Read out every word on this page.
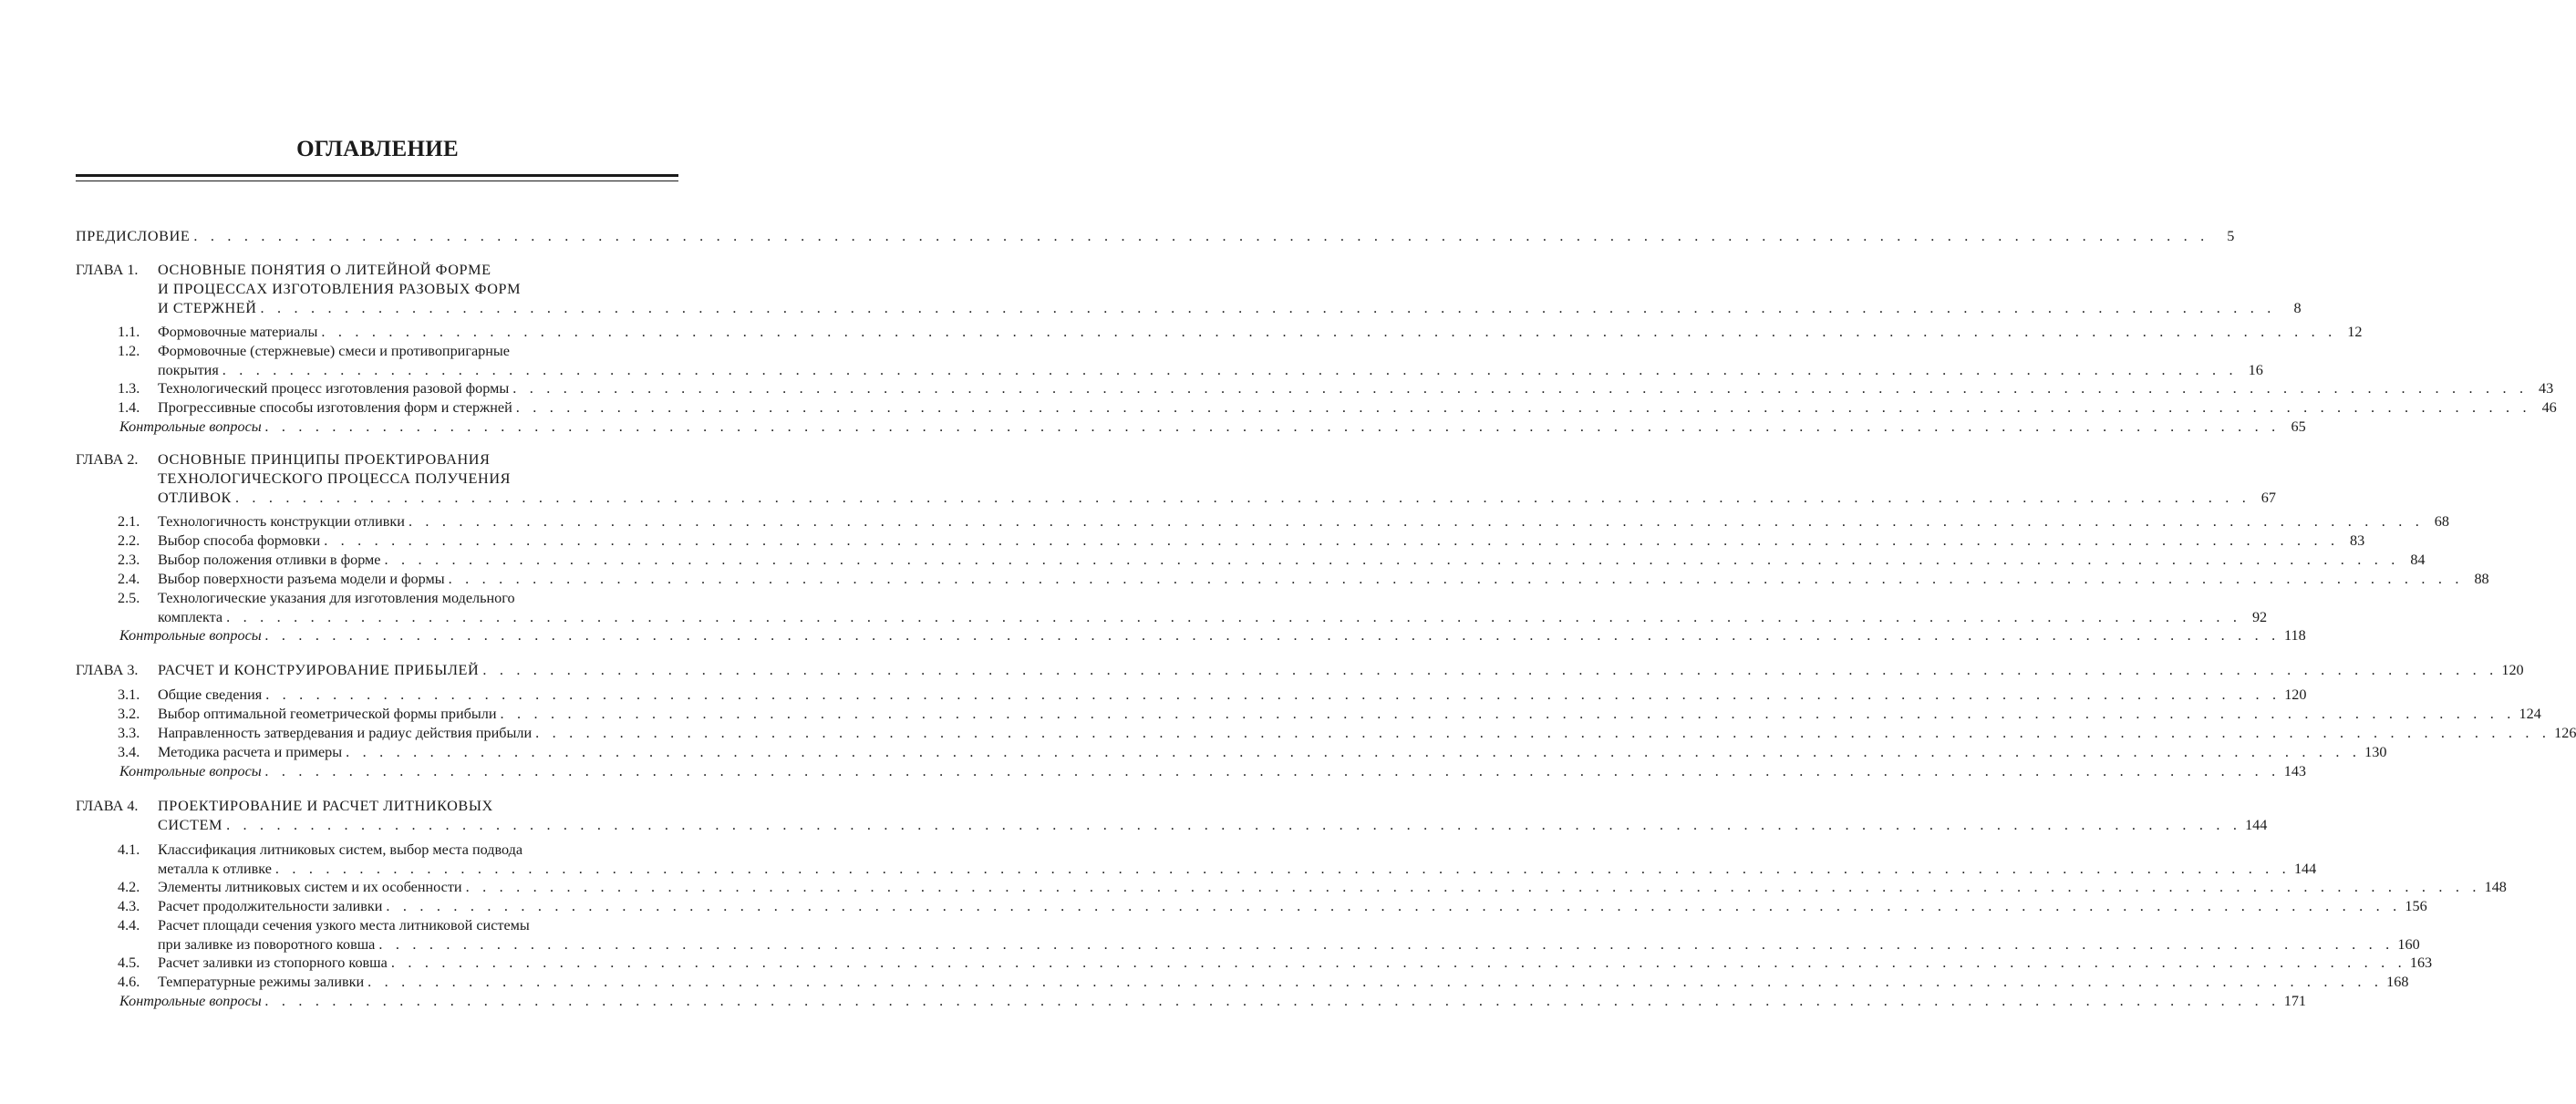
ОГЛАВЛЕНИЕ
ПРЕДИСЛОВИЕ . . . . . . . . . . . . . . . . . . . . . . . . . . . . . . . . . . . . . . . . . . . . . . . . . . . . . . . . . . . . . . . . . . . . . . . . . . . . . . . . . . . . . . . . . . . . . . . . . . . . . . . . . . . . . . . . . . . . . . . .	5
ГЛАВА 1. ОСНОВНЫЕ ПОНЯТИЯ О ЛИТЕЙНОЙ ФОРМЕ
И ПРОЦЕССАХ ИЗГОТОВЛЕНИЯ РАЗОВЫХ ФОРМ
И СТЕРЖНЕЙ . . . . . . . . . . . . . . . . . . . . . . . . . . . . . . . . . . . . . . . . . . . . . . . . . . . . . . . . . . . . . . . . . . . . . . . . . . . . . . . . . . . . . . . . . . . . . . . . . . . . . . . . . . . . . . . . . . . . . . . .	8
1.1. Формовочные материалы . . . . . . . . . . . . . . . . . . . . . . . . . . . . . . . . . . . . . . . . . . . . . . . . . . . . . . . . . . . . . . . . . . . . . . . . . . . . . . . . . . . . . . . . . . . . . . . . . . . . . . . . . . . . . . . . . . . . . . . . 12
1.2. Формовочные (стержневые) смеси и противопригарные
покрытия . . . . . . . . . . . . . . . . . . . . . . . . . . . . . . . . . . . . . . . . . . . . . . . . . . . . . . . . . . . . . . . . . . . . . . . . . . . . . . . . . . . . . . . . . . . . . . . . . . . . . . . . . . . . . . . . . . . . . . . . 16
1.3. Технологический процесс изготовления разовой формы . . . . . . . . . . . . . . . . . . . . . . . . . . . . . . . . . . . . . . . . . . . . . . . . . . . . . . . . . . . . . . . . . . . . . . . . . . . . . . . . . . . . . . . . . . . . . . . . . . . . . . . . . . . . . . . . . . . . . . . . 43
1.4. Прогрессивные способы изготовления форм и стержней . . . . . . . . . . . . . . . . . . . . . . . . . . . . . . . . . . . . . . . . . . . . . . . . . . . . . . . . . . . . . . . . . . . . . . . . . . . . . . . . . . . . . . . . . . . . . . . . . . . . . . . . . . . . . . . . . . . . . . . . 46
Контрольные вопросы . . . . . . . . . . . . . . . . . . . . . . . . . . . . . . . . . . . . . . . . . . . . . . . . . . . . . . . . . . . . . . . . . . . . . . . . . . . . . . . . . . . . . . . . . . . . . . . . . . . . . . . . . . . . . . . . . . . . . . . . 65
ГЛАВА 2. ОСНОВНЫЕ ПРИНЦИПЫ ПРОЕКТИРОВАНИЯ
ТЕХНОЛОГИЧЕСКОГО ПРОЦЕССА ПОЛУЧЕНИЯ
ОТЛИВОК . . . . . . . . . . . . . . . . . . . . . . . . . . . . . . . . . . . . . . . . . . . . . . . . . . . . . . . . . . . . . . . . . . . . . . . . . . . . . . . . . . . . . . . . . . . . . . . . . . . . . . . . . . . . . . . . . . . . . . . . 67
2.1. Технологичность конструкции отливки . . . . . . . . . . . . . . . . . . . . . . . . . . . . . . . . . . . . . . . . . . . . . . . . . . . . . . . . . . . . . . . . . . . . . . . . . . . . . . . . . . . . . . . . . . . . . . . . . . . . . . . . . . . . . . . . . . . . . . . . 68
2.2. Выбор способа формовки . . . . . . . . . . . . . . . . . . . . . . . . . . . . . . . . . . . . . . . . . . . . . . . . . . . . . . . . . . . . . . . . . . . . . . . . . . . . . . . . . . . . . . . . . . . . . . . . . . . . . . . . . . . . . . . . . . . . . . . . 83
2.3. Выбор положения отливки в форме . . . . . . . . . . . . . . . . . . . . . . . . . . . . . . . . . . . . . . . . . . . . . . . . . . . . . . . . . . . . . . . . . . . . . . . . . . . . . . . . . . . . . . . . . . . . . . . . . . . . . . . . . . . . . . . . . . . . . . . . 84
2.4. Выбор поверхности разъема модели и формы . . . . . . . . . . . . . . . . . . . . . . . . . . . . . . . . . . . . . . . . . . . . . . . . . . . . . . . . . . . . . . . . . . . . . . . . . . . . . . . . . . . . . . . . . . . . . . . . . . . . . . . . . . . . . . . . . . . . . . . . 88
2.5. Технологические указания для изготовления модельного
комплекта . . . . . . . . . . . . . . . . . . . . . . . . . . . . . . . . . . . . . . . . . . . . . . . . . . . . . . . . . . . . . . . . . . . . . . . . . . . . . . . . . . . . . . . . . . . . . . . . . . . . . . . . . . . . . . . . . . . . . . . . 92
Контрольные вопросы . . . . . . . . . . . . . . . . . . . . . . . . . . . . . . . . . . . . . . . . . . . . . . . . . . . . . . . . . . . . . . . . . . . . . . . . . . . . . . . . . . . . . . . . . . . . . . . . . . . . . . . . . . . . . . . . . . . . . . . . 118
ГЛАВА 3. РАСЧЕТ И КОНСТРУИРОВАНИЕ ПРИБЫЛЕЙ . . . . . . . . . . . . . . . . . . . . . . . . . . . . . . . . . . . . . . . . . . . . . . . . . . . . . . . . . . . . . . . . . . . . . . . . . . . . . . . . . . . . . . . . . . . . . . . . . . . . . . . . . . . . . . . . . . . . . . . . 120
3.1. Общие сведения . . . . . . . . . . . . . . . . . . . . . . . . . . . . . . . . . . . . . . . . . . . . . . . . . . . . . . . . . . . . . . . . . . . . . . . . . . . . . . . . . . . . . . . . . . . . . . . . . . . . . . . . . . . . . . . . . . . . . . . . 120
3.2. Выбор оптимальной геометрической формы прибыли . . . . . . . . . . . . . . . . . . . . . . . . . . . . . . . . . . . . . . . . . . . . . . . . . . . . . . . . . . . . . . . . . . . . . . . . . . . . . . . . . . . . . . . . . . . . . . . . . . . . . . . . . . . . . . . . . . . . . . . . 124
3.3. Направленность затвердевания и радиус действия прибыли . . . . . . . . . . . . . . . . . . . . . . . . . . . . . . . . . . . . . . . . . . . . . . . . . . . . . . . . . . . . . . . . . . . . . . . . . . . . . . . . . . . . . . . . . . . . . . . . . . . . . . . . . . . . . . . . . . . . . . . . 126
3.4. Методика расчета и примеры . . . . . . . . . . . . . . . . . . . . . . . . . . . . . . . . . . . . . . . . . . . . . . . . . . . . . . . . . . . . . . . . . . . . . . . . . . . . . . . . . . . . . . . . . . . . . . . . . . . . . . . . . . . . . . . . . . . . . . . . 130
Контрольные вопросы . . . . . . . . . . . . . . . . . . . . . . . . . . . . . . . . . . . . . . . . . . . . . . . . . . . . . . . . . . . . . . . . . . . . . . . . . . . . . . . . . . . . . . . . . . . . . . . . . . . . . . . . . . . . . . . . . . . . . . . . 143
ГЛАВА 4. ПРОЕКТИРОВАНИЕ И РАСЧЕТ ЛИТНИКОВЫХ
СИСТЕМ . . . . . . . . . . . . . . . . . . . . . . . . . . . . . . . . . . . . . . . . . . . . . . . . . . . . . . . . . . . . . . . . . . . . . . . . . . . . . . . . . . . . . . . . . . . . . . . . . . . . . . . . . . . . . . . . . . . . . . . . 144
4.1. Классификация литниковых систем, выбор места подвода
металла к отливке . . . . . . . . . . . . . . . . . . . . . . . . . . . . . . . . . . . . . . . . . . . . . . . . . . . . . . . . . . . . . . . . . . . . . . . . . . . . . . . . . . . . . . . . . . . . . . . . . . . . . . . . . . . . . . . . . . . . . . . . 144
4.2. Элементы литниковых систем и их особенности . . . . . . . . . . . . . . . . . . . . . . . . . . . . . . . . . . . . . . . . . . . . . . . . . . . . . . . . . . . . . . . . . . . . . . . . . . . . . . . . . . . . . . . . . . . . . . . . . . . . . . . . . . . . . . . . . . . . . . . . 148
4.3. Расчет продолжительности заливки . . . . . . . . . . . . . . . . . . . . . . . . . . . . . . . . . . . . . . . . . . . . . . . . . . . . . . . . . . . . . . . . . . . . . . . . . . . . . . . . . . . . . . . . . . . . . . . . . . . . . . . . . . . . . . . . . . . . . . . . 156
4.4. Расчет площади сечения узкого места литниковой системы
при заливке из поворотного ковша . . . . . . . . . . . . . . . . . . . . . . . . . . . . . . . . . . . . . . . . . . . . . . . . . . . . . . . . . . . . . . . . . . . . . . . . . . . . . . . . . . . . . . . . . . . . . . . . . . . . . . . . . . . . . . . . . . . . . . . . 160
4.5. Расчет заливки из стопорного ковша . . . . . . . . . . . . . . . . . . . . . . . . . . . . . . . . . . . . . . . . . . . . . . . . . . . . . . . . . . . . . . . . . . . . . . . . . . . . . . . . . . . . . . . . . . . . . . . . . . . . . . . . . . . . . . . . . . . . . . . . 163
4.6. Температурные режимы заливки . . . . . . . . . . . . . . . . . . . . . . . . . . . . . . . . . . . . . . . . . . . . . . . . . . . . . . . . . . . . . . . . . . . . . . . . . . . . . . . . . . . . . . . . . . . . . . . . . . . . . . . . . . . . . . . . . . . . . . . . 168
Контрольные вопросы . . . . . . . . . . . . . . . . . . . . . . . . . . . . . . . . . . . . . . . . . . . . . . . . . . . . . . . . . . . . . . . . . . . . . . . . . . . . . . . . . . . . . . . . . . . . . . . . . . . . . . . . . . . . . . . . . . . . . . . . 171
